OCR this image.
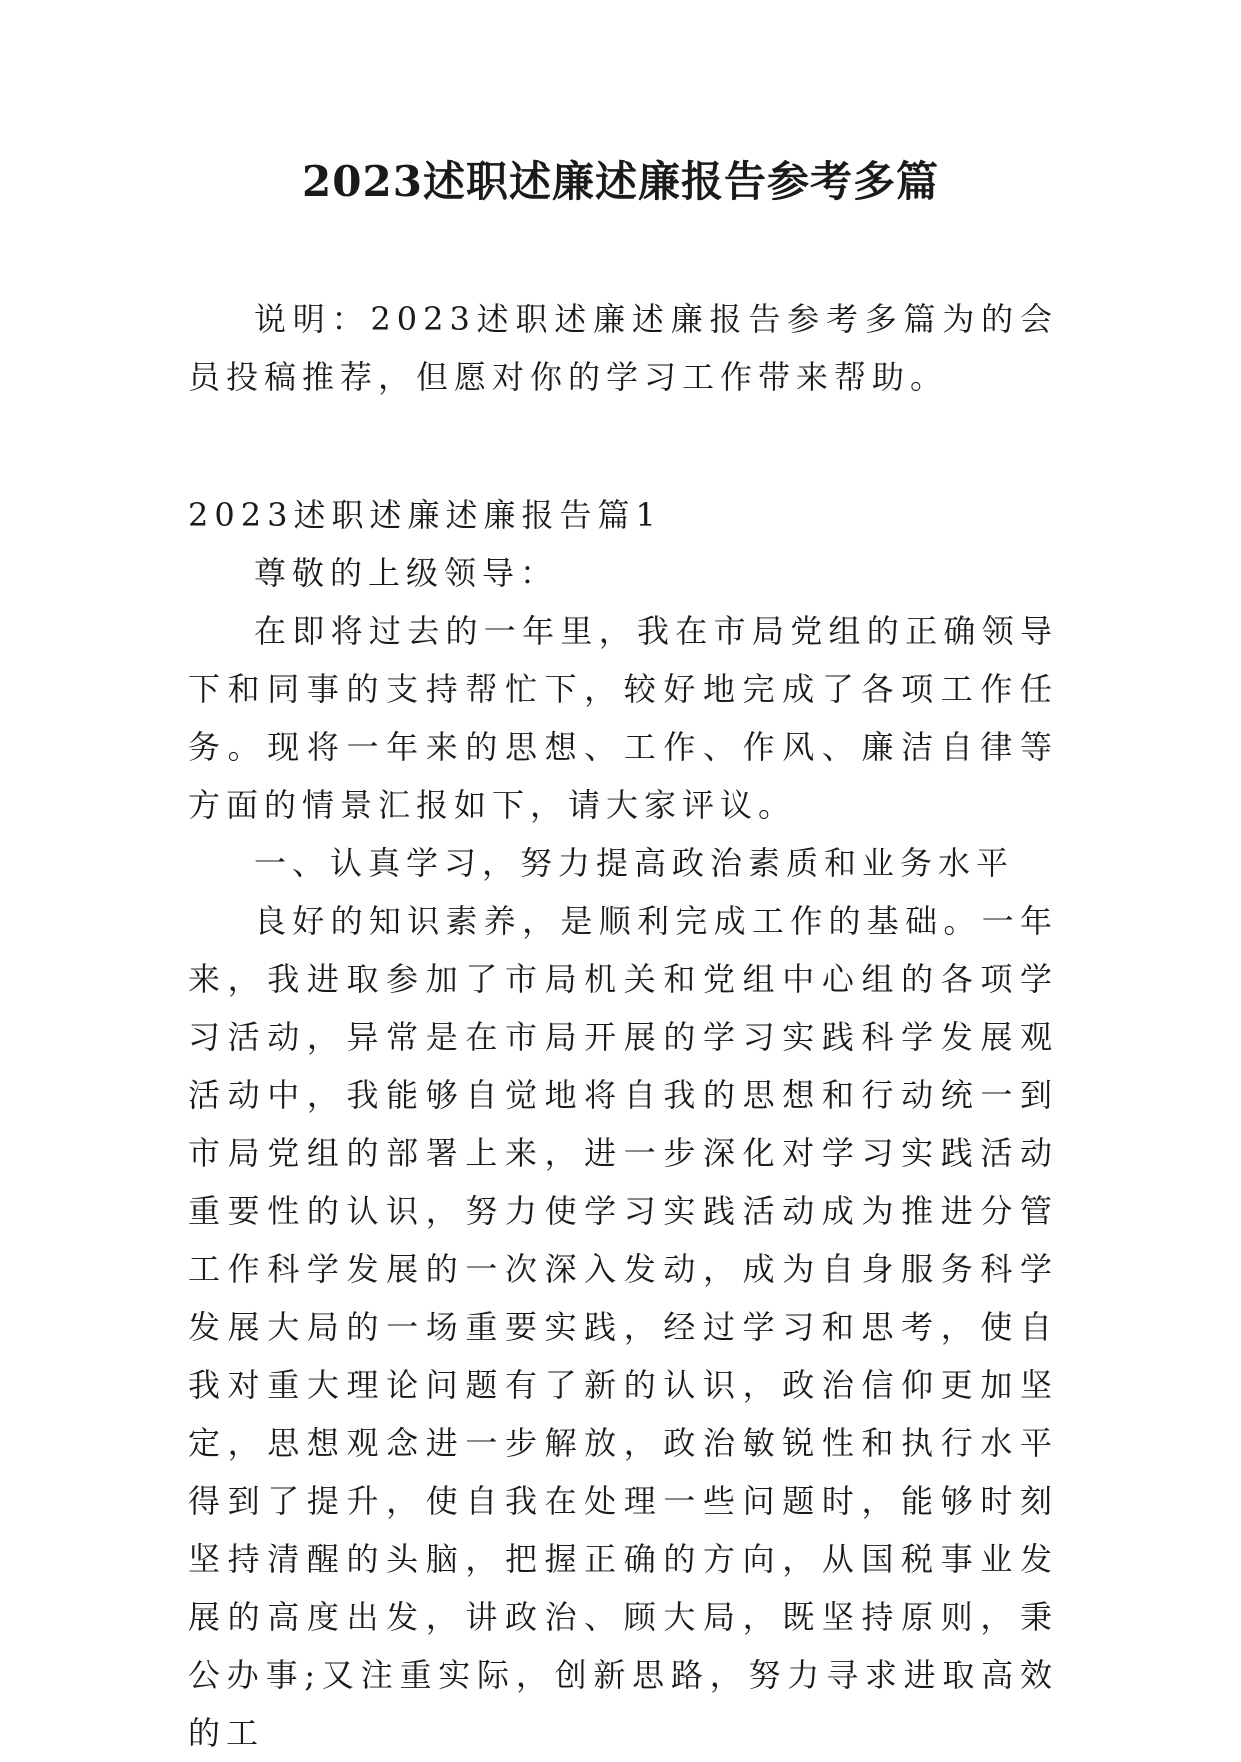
2023述职述廉述廉报告参考多篇

说明：2023述职述廉述廉报告参考多篇为的会员投稿推荐，但愿对你的学习工作带来帮助。

2023述职述廉述廉报告篇1

尊敬的上级领导：

在即将过去的一年里，我在市局党组的正确领导下和同事的支持帮忙下，较好地完成了各项工作任务。现将一年来的思想、工作、作风、廉洁自律等方面的情景汇报如下，请大家评议。

一、认真学习，努力提高政治素质和业务水平

良好的知识素养，是顺利完成工作的基础。一年来，我进取参加了市局机关和党组中心组的各项学习活动，异常是在市局开展的学习实践科学发展观活动中，我能够自觉地将自我的思想和行动统一到市局党组的部署上来，进一步深化对学习实践活动重要性的认识，努力使学习实践活动成为推进分管工作科学发展的一次深入发动，成为自身服务科学发展大局的一场重要实践，经过学习和思考，使自我对重大理论问题有了新的认识，政治信仰更加坚定，思想观念进一步解放，政治敏锐性和执行水平得到了提升，使自我在处理一些问题时，能够时刻坚持清醒的头脑，把握正确的方向，从国税事业发展的高度出发，讲政治、顾大局，既坚持原则，秉公办事;又注重实际，创新思路，努力寻求进取高效的工
